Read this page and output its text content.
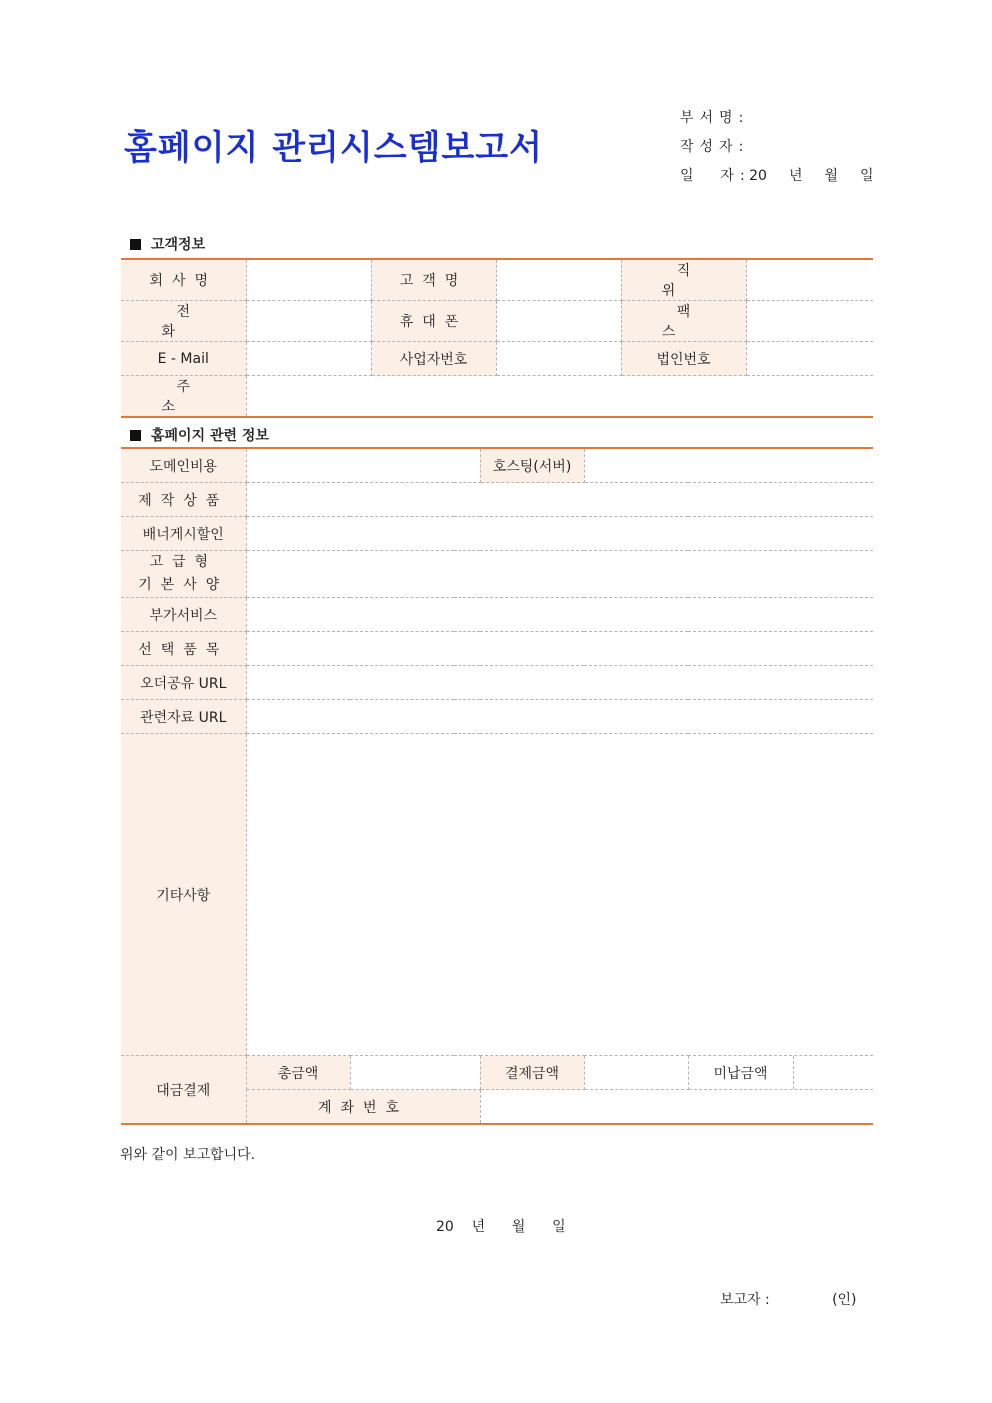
홈페이지 관리시스템보고서
부서명:
작성자:
일  자: 20 년 월 일
고객정보
회사명		고객명		직 위	
전 화		휴대폰		팩 스	
E - Mail		사업자번호		법인번호	
주 소					
홈페이지 관련 정보
도메인비용			호스팅(서버)		
제작상품					
배너게시할인					

고급형
기본사양					

부가서비스					
선택품목					
오더공유 URL					
관련자료 URL					
기타사항					
대금결제	총금액		결제금액		미납금액

	계좌번호				
위와 같이 보고합니다.
20 년 월 일
보고자 :	(인)
